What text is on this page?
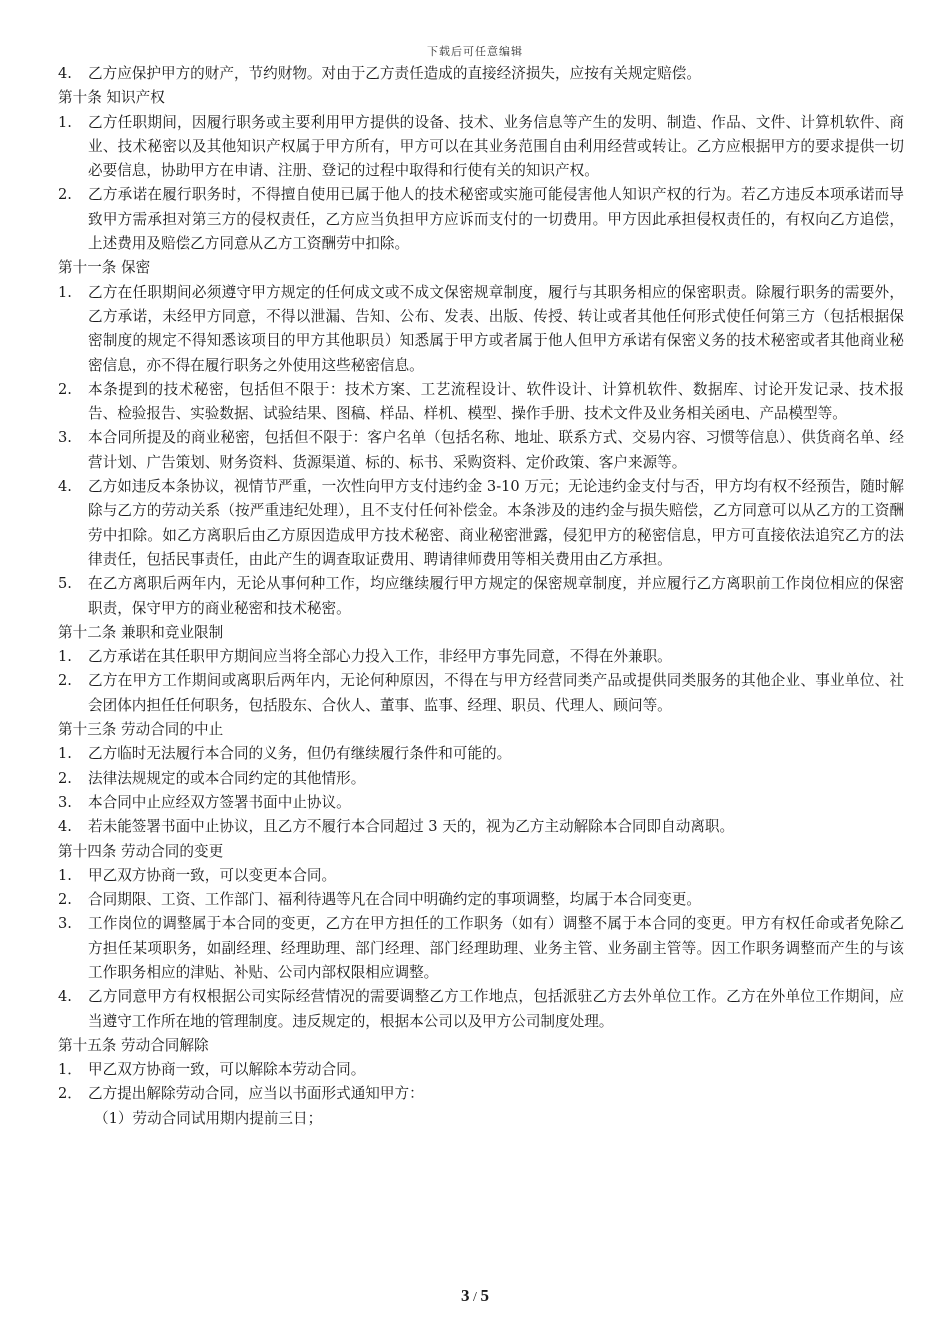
下载后可任意编辑
4. 乙方应保护甲方的财产，节约财物。对由于乙方责任造成的直接经济损失，应按有关规定赔偿。
第十条 知识产权
1. 乙方任职期间，因履行职务或主要利用甲方提供的设备、技术、业务信息等产生的发明、制造、作品、文件、计算机软件、商业、技术秘密以及其他知识产权属于甲方所有，甲方可以在其业务范围自由利用经营或转让。乙方应根据甲方的要求提供一切必要信息，协助甲方在申请、注册、登记的过程中取得和行使有关的知识产权。
2. 乙方承诺在履行职务时，不得擅自使用已属于他人的技术秘密或实施可能侵害他人知识产权的行为。若乙方违反本项承诺而导致甲方需承担对第三方的侵权责任，乙方应当负担甲方应诉而支付的一切费用。甲方因此承担侵权责任的，有权向乙方追偿，上述费用及赔偿乙方同意从乙方工资酬劳中扣除。
第十一条 保密
1. 乙方在任职期间必须遵守甲方规定的任何成文或不成文保密规章制度，履行与其职务相应的保密职责。除履行职务的需要外，乙方承诺，未经甲方同意，不得以泄漏、告知、公布、发表、出版、传授、转让或者其他任何形式使任何第三方（包括根据保密制度的规定不得知悉该项目的甲方其他职员）知悉属于甲方或者属于他人但甲方承诺有保密义务的技术秘密或者其他商业秘密信息，亦不得在履行职务之外使用这些秘密信息。
2. 本条提到的技术秘密，包括但不限于：技术方案、工艺流程设计、软件设计、计算机软件、数据库、讨论开发记录、技术报告、检验报告、实验数据、试验结果、图稿、样品、样机、模型、操作手册、技术文件及业务相关函电、产品模型等。
3. 本合同所提及的商业秘密，包括但不限于：客户名单（包括名称、地址、联系方式、交易内容、习惯等信息）、供货商名单、经营计划、广告策划、财务资料、货源渠道、标的、标书、采购资料、定价政策、客户来源等。
4. 乙方如违反本条协议，视情节严重，一次性向甲方支付违约金 3-10 万元；无论违约金支付与否，甲方均有权不经预告，随时解除与乙方的劳动关系（按严重违纪处理），且不支付任何补偿金。本条涉及的违约金与损失赔偿，乙方同意可以从乙方的工资酬劳中扣除。如乙方离职后由乙方原因造成甲方技术秘密、商业秘密泄露，侵犯甲方的秘密信息，甲方可直接依法追究乙方的法律责任，包括民事责任，由此产生的调查取证费用、聘请律师费用等相关费用由乙方承担。
5. 在乙方离职后两年内，无论从事何种工作，均应继续履行甲方规定的保密规章制度，并应履行乙方离职前工作岗位相应的保密职责，保守甲方的商业秘密和技术秘密。
第十二条 兼职和竞业限制
1. 乙方承诺在其任职甲方期间应当将全部心力投入工作，非经甲方事先同意，不得在外兼职。
2. 乙方在甲方工作期间或离职后两年内，无论何种原因，不得在与甲方经营同类产品或提供同类服务的其他企业、事业单位、社会团体内担任任何职务，包括股东、合伙人、董事、监事、经理、职员、代理人、顾问等。
第十三条 劳动合同的中止
1. 乙方临时无法履行本合同的义务，但仍有继续履行条件和可能的。
2. 法律法规规定的或本合同约定的其他情形。
3. 本合同中止应经双方签署书面中止协议。
4. 若未能签署书面中止协议，且乙方不履行本合同超过 3 天的，视为乙方主动解除本合同即自动离职。
第十四条 劳动合同的变更
1. 甲乙双方协商一致，可以变更本合同。
2. 合同期限、工资、工作部门、福利待遇等凡在合同中明确约定的事项调整，均属于本合同变更。
3. 工作岗位的调整属于本合同的变更，乙方在甲方担任的工作职务（如有）调整不属于本合同的变更。甲方有权任命或者免除乙方担任某项职务，如副经理、经理助理、部门经理、部门经理助理、业务主管、业务副主管等。因工作职务调整而产生的与该工作职务相应的津贴、补贴、公司内部权限相应调整。
4. 乙方同意甲方有权根据公司实际经营情况的需要调整乙方工作地点，包括派驻乙方去外单位工作。乙方在外单位工作期间，应当遵守工作所在地的管理制度。违反规定的，根据本公司以及甲方公司制度处理。
第十五条 劳动合同解除
1． 甲乙双方协商一致，可以解除本劳动合同。
2． 乙方提出解除劳动合同，应当以书面形式通知甲方：
（1）劳动合同试用期内提前三日；
3 / 5
